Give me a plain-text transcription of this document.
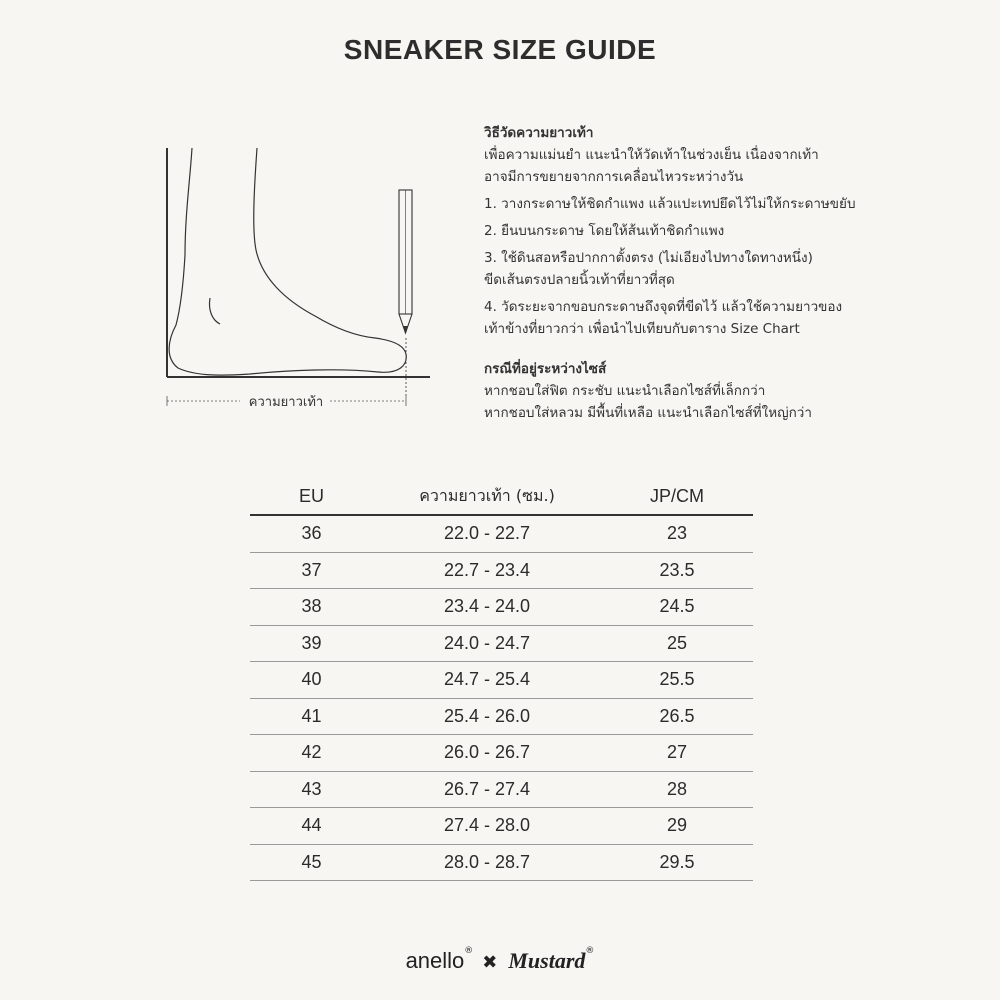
SNEAKER SIZE GUIDE
ความยาวเท้า
วิธีวัดความยาวเท้า
เพื่อความแม่นยำ แนะนำให้วัดเท้าในช่วงเย็น เนื่องจากเท้า
อาจมีการขยายจากการเคลื่อนไหวระหว่างวัน
1. วางกระดาษให้ชิดกำแพง แล้วแปะเทปยึดไว้ไม่ให้กระดาษขยับ
2. ยืนบนกระดาษ โดยให้ส้นเท้าชิดกำแพง
3. ใช้ดินสอหรือปากกาตั้งตรง (ไม่เอียงไปทางใดทางหนึ่ง)
ขีดเส้นตรงปลายนิ้วเท้าที่ยาวที่สุด
4. วัดระยะจากขอบกระดาษถึงจุดที่ขีดไว้ แล้วใช้ความยาวของ
เท้าข้างที่ยาวกว่า เพื่อนำไปเทียบกับตาราง Size Chart
กรณีที่อยู่ระหว่างไซส์
หากชอบใส่ฟิต กระชับ แนะนำเลือกไซส์ที่เล็กกว่า
หากชอบใส่หลวม มีพื้นที่เหลือ แนะนำเลือกไซส์ที่ใหญ่กว่า
EU	ความยาวเท้า (ซม.)	JP/CM
36	22.0 - 22.7	23
37	22.7 - 23.4	23.5
38	23.4 - 24.0	24.5
39	24.0 - 24.7	25
40	24.7 - 25.4	25.5
41	25.4 - 26.0	26.5
42	26.0 - 26.7	27
43	26.7 - 27.4	28
44	27.4 - 28.0	29
45	28.0 - 28.7	29.5
anello® ✖ Mustard®
